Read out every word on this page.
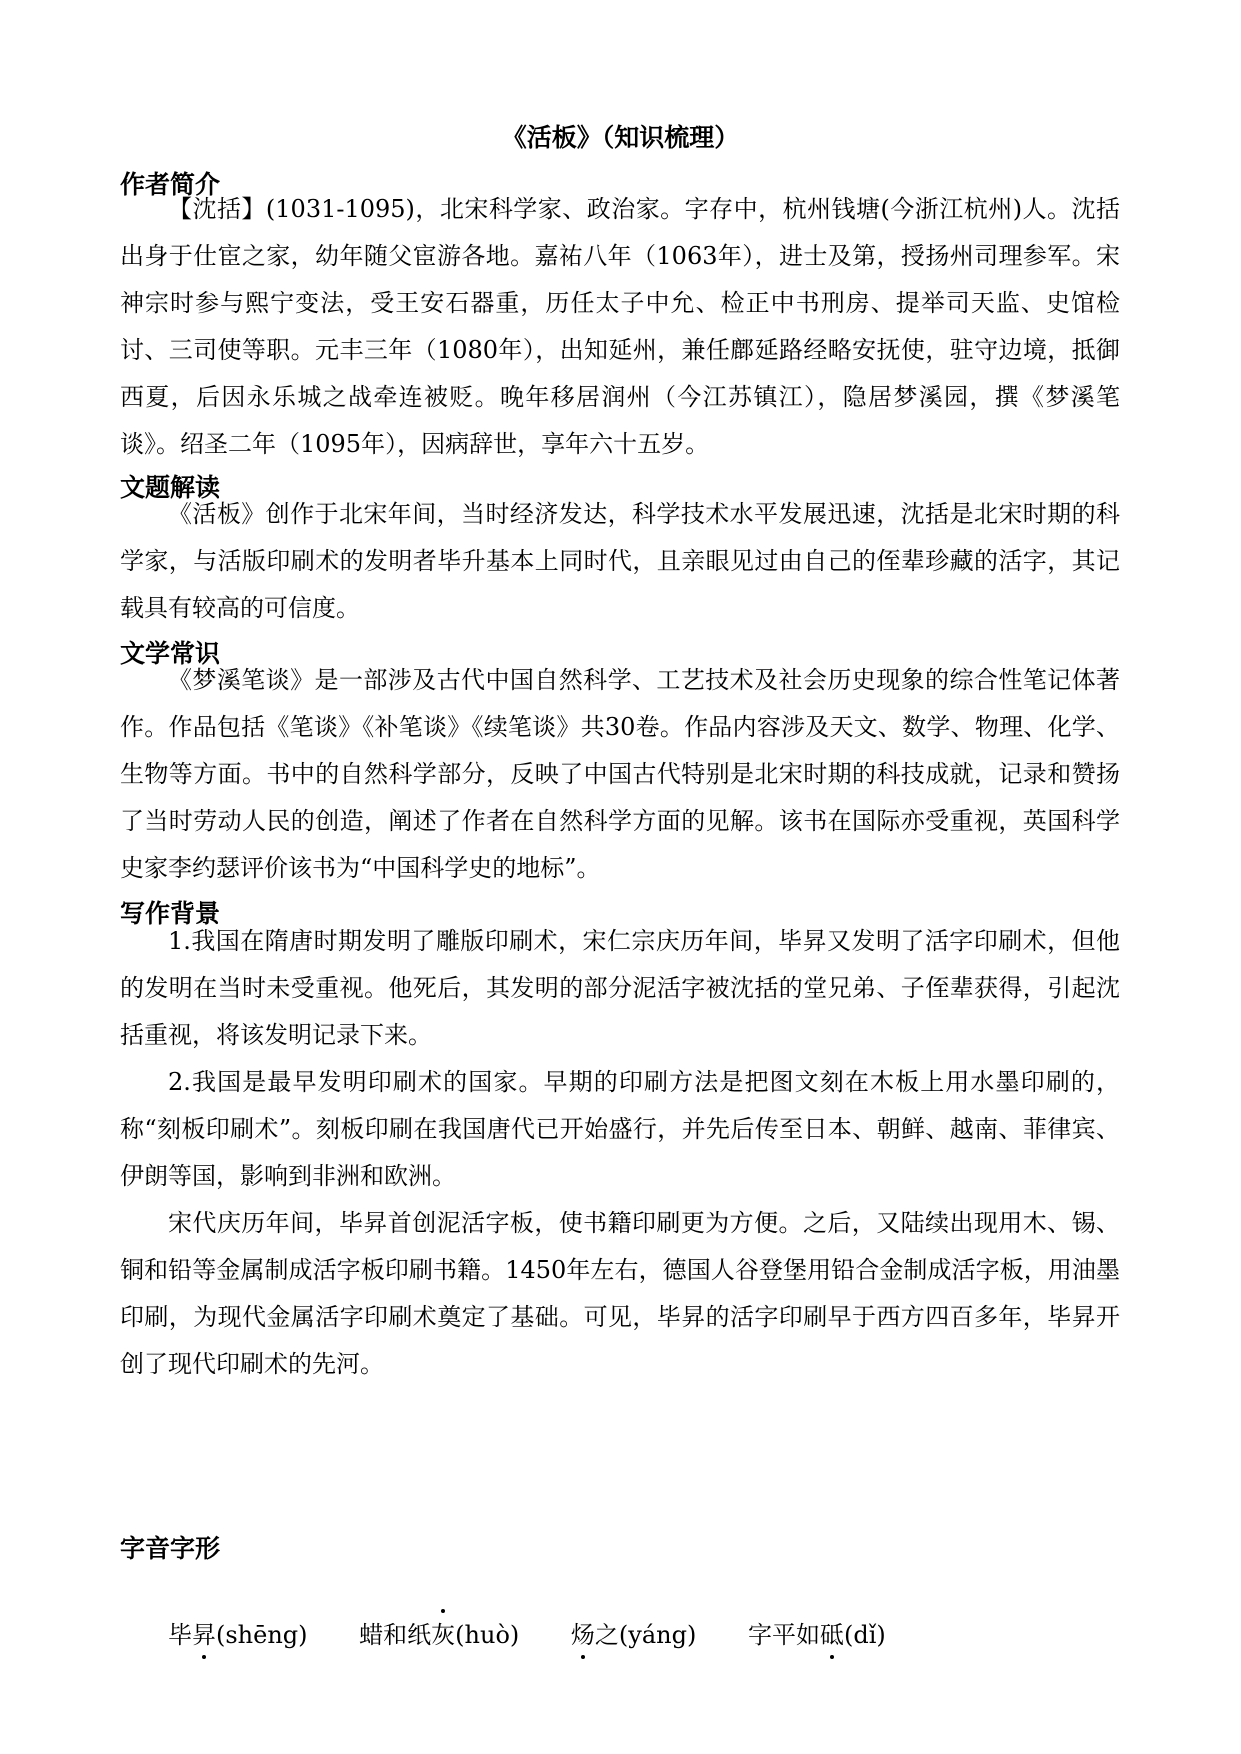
《活板》（知识梳理）
作者简介
【沈括】(1031-1095)，北宋科学家、政治家。字存中，杭州钱塘(今浙江杭州)人。沈括出身于仕宦之家，幼年随父宦游各地。嘉祐八年（1063年），进士及第，授扬州司理参军。宋神宗时参与熙宁变法，受王安石器重，历任太子中允、检正中书刑房、提举司天监、史馆检讨、三司使等职。元丰三年（1080年），出知延州，兼任鄜延路经略安抚使，驻守边境，抵御西夏，后因永乐城之战牵连被贬。晚年移居润州（今江苏镇江），隐居梦溪园，撰《梦溪笔谈》。绍圣二年（1095年），因病辞世，享年六十五岁。
文题解读
《活板》创作于北宋年间，当时经济发达，科学技术水平发展迅速，沈括是北宋时期的科学家，与活版印刷术的发明者毕升基本上同时代，且亲眼见过由自己的侄辈珍藏的活字，其记载具有较高的可信度。
文学常识
《梦溪笔谈》是一部涉及古代中国自然科学、工艺技术及社会历史现象的综合性笔记体著作。作品包括《笔谈》《补笔谈》《续笔谈》共30卷。作品内容涉及天文、数学、物理、化学、生物等方面。书中的自然科学部分，反映了中国古代特别是北宋时期的科技成就，记录和赞扬了当时劳动人民的创造，阐述了作者在自然科学方面的见解。该书在国际亦受重视，英国科学史家李约瑟评价该书为“中国科学史的地标”。
写作背景
1.我国在隋唐时期发明了雕版印刷术，宋仁宗庆历年间，毕昇又发明了活字印刷术，但他的发明在当时未受重视。他死后，其发明的部分泥活字被沈括的堂兄弟、子侄辈获得，引起沈括重视，将该发明记录下来。
2.我国是最早发明印刷术的国家。早期的印刷方法是把图文刻在木板上用水墨印刷的，称“刻板印刷术”。刻板印刷在我国唐代已开始盛行，并先后传至日本、朝鲜、越南、菲律宾、伊朗等国，影响到非洲和欧洲。
宋代庆历年间，毕昇首创泥活字板，使书籍印刷更为方便。之后，又陆续出现用木、锡、铜和铅等金属制成活字板印刷书籍。1450年左右，德国人谷登堡用铅合金制成活字板，用油墨印刷，为现代金属活字印刷术奠定了基础。可见，毕昇的活字印刷早于西方四百多年，毕昇开创了现代印刷术的先河。
字音字形
毕昇(shēng) 蜡和纸灰(huò) 炀之(yáng) 字平如砥(dǐ)
